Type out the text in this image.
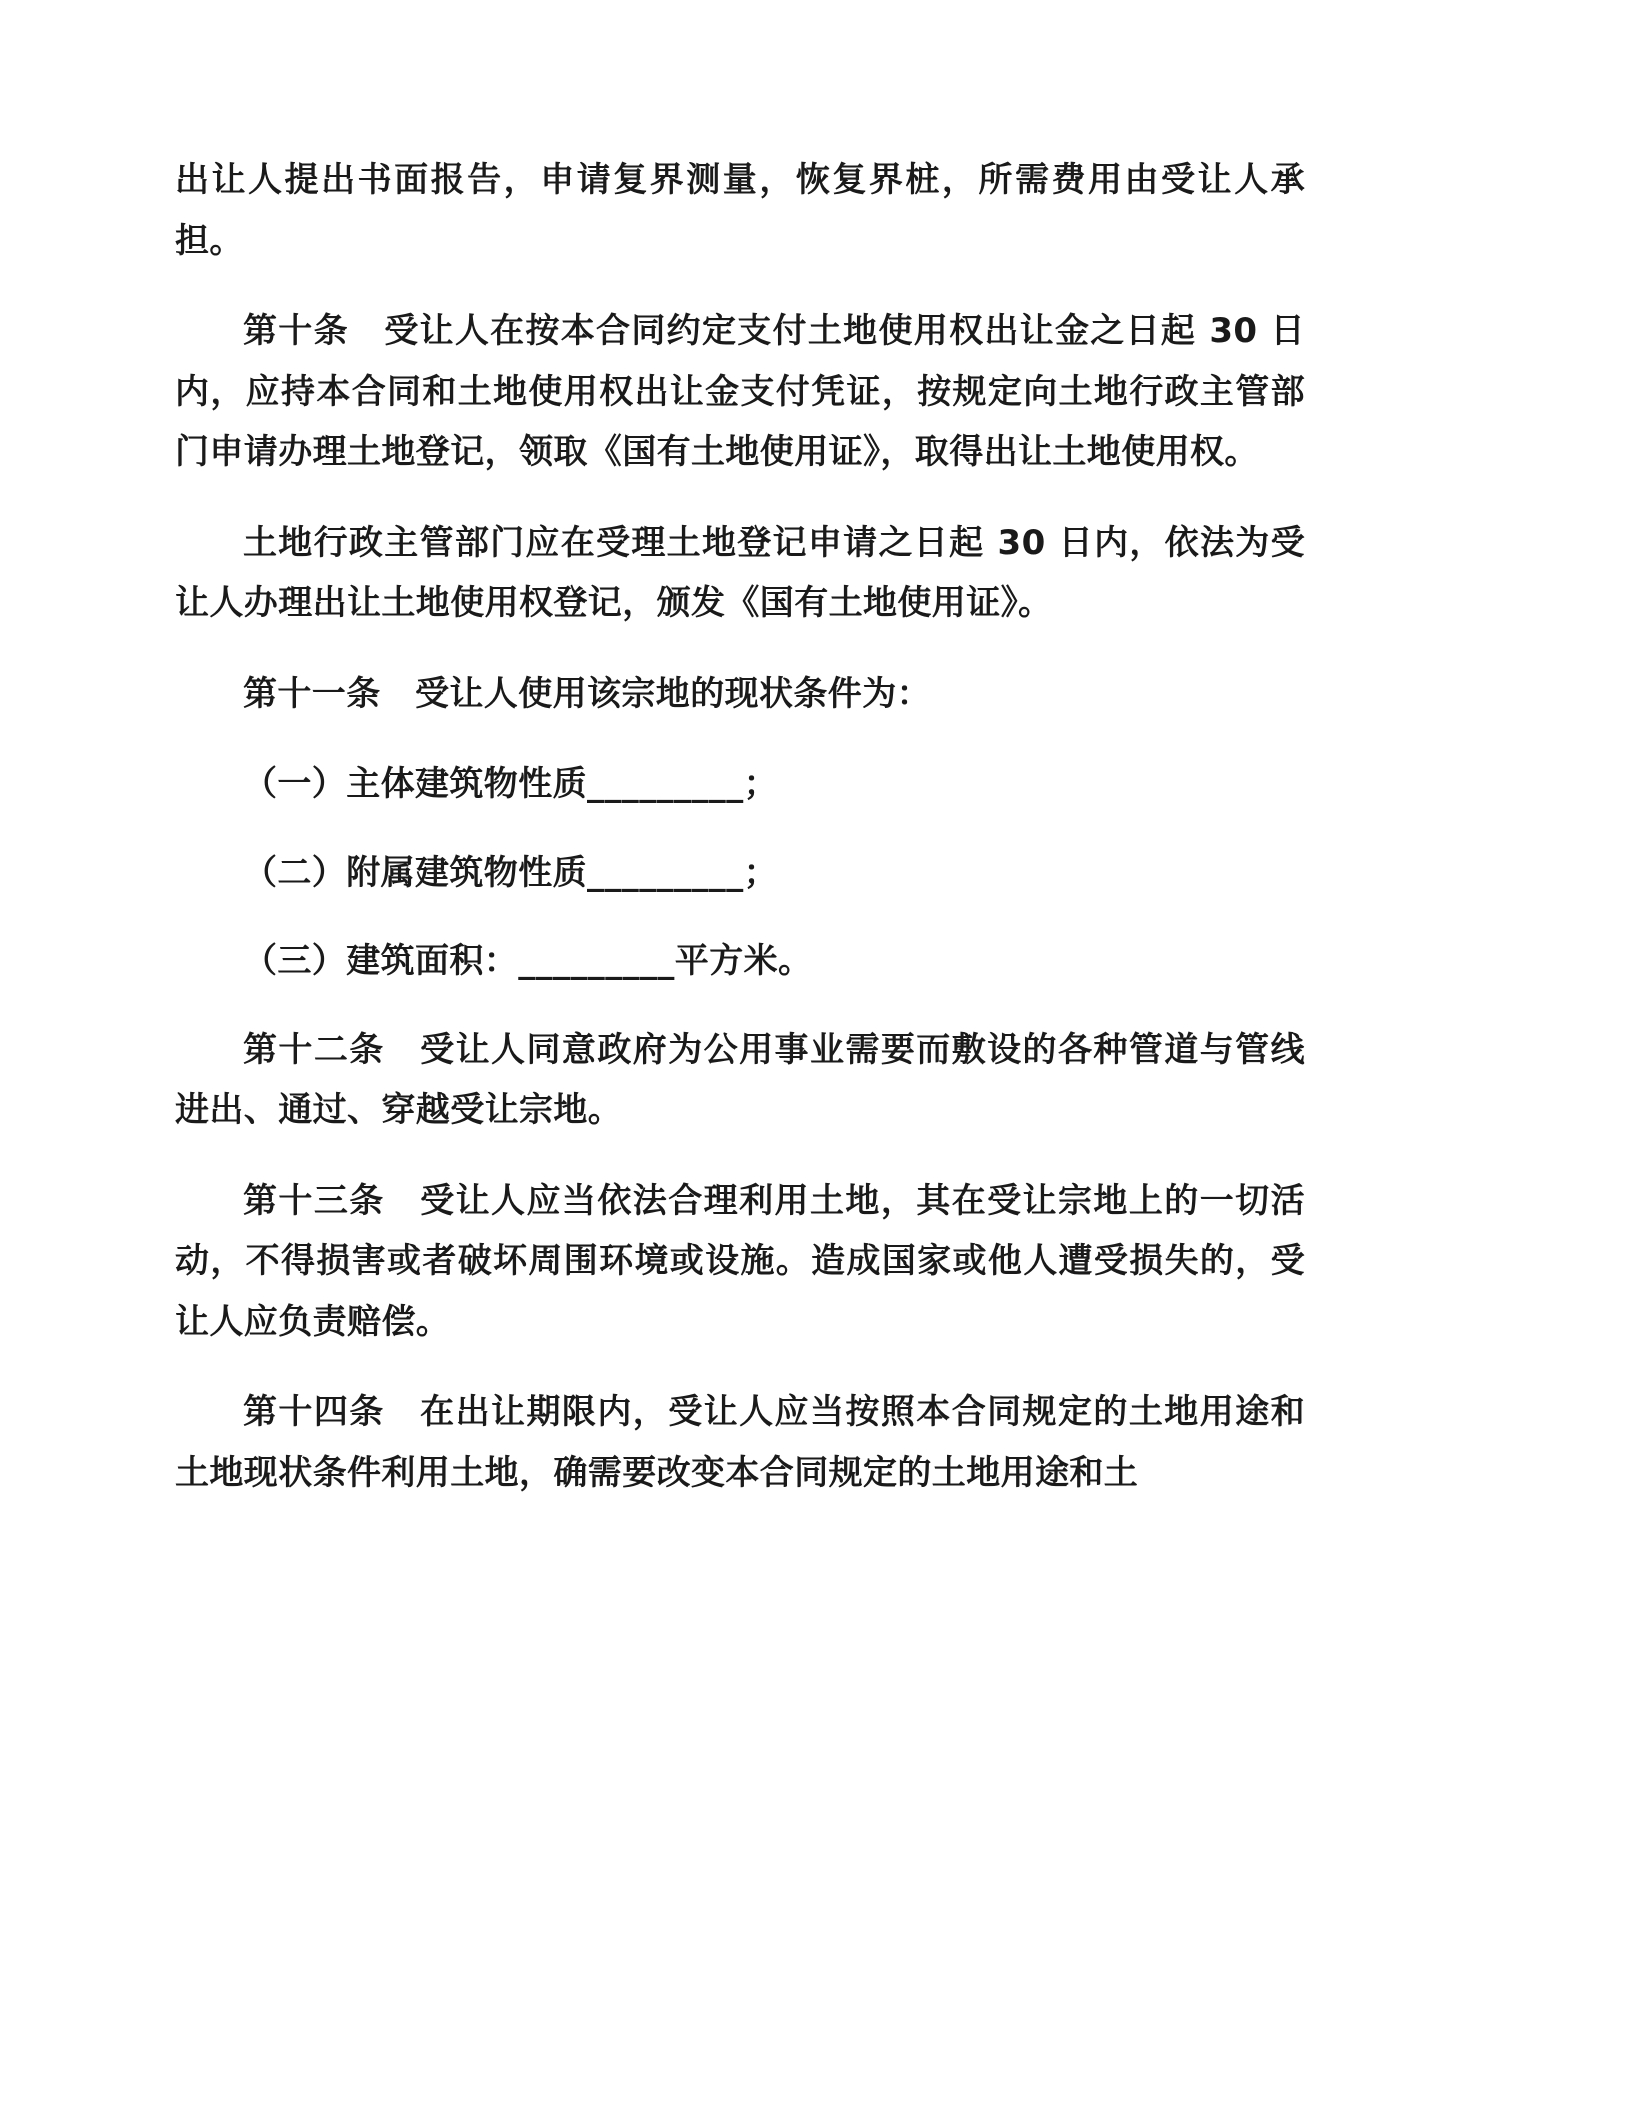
出让人提出书面报告，申请复界测量，恢复界桩，所需费用由受让人承担。

第十条　受让人在按本合同约定支付土地使用权出让金之日起 30 日内，应持本合同和土地使用权出让金支付凭证，按规定向土地行政主管部门申请办理土地登记，领取《国有土地使用证》，取得出让土地使用权。

土地行政主管部门应在受理土地登记申请之日起 30 日内，依法为受让人办理出让土地使用权登记，颁发《国有土地使用证》。

第十一条　受让人使用该宗地的现状条件为：

（一）主体建筑物性质_________；

（二）附属建筑物性质_________；

（三）建筑面积：_________平方米。

第十二条　受让人同意政府为公用事业需要而敷设的各种管道与管线进出、通过、穿越受让宗地。

第十三条　受让人应当依法合理利用土地，其在受让宗地上的一切活动，不得损害或者破坏周围环境或设施。造成国家或他人遭受损失的，受让人应负责赔偿。

第十四条　在出让期限内，受让人应当按照本合同规定的土地用途和土地现状条件利用土地，确需要改变本合同规定的土地用途和土
